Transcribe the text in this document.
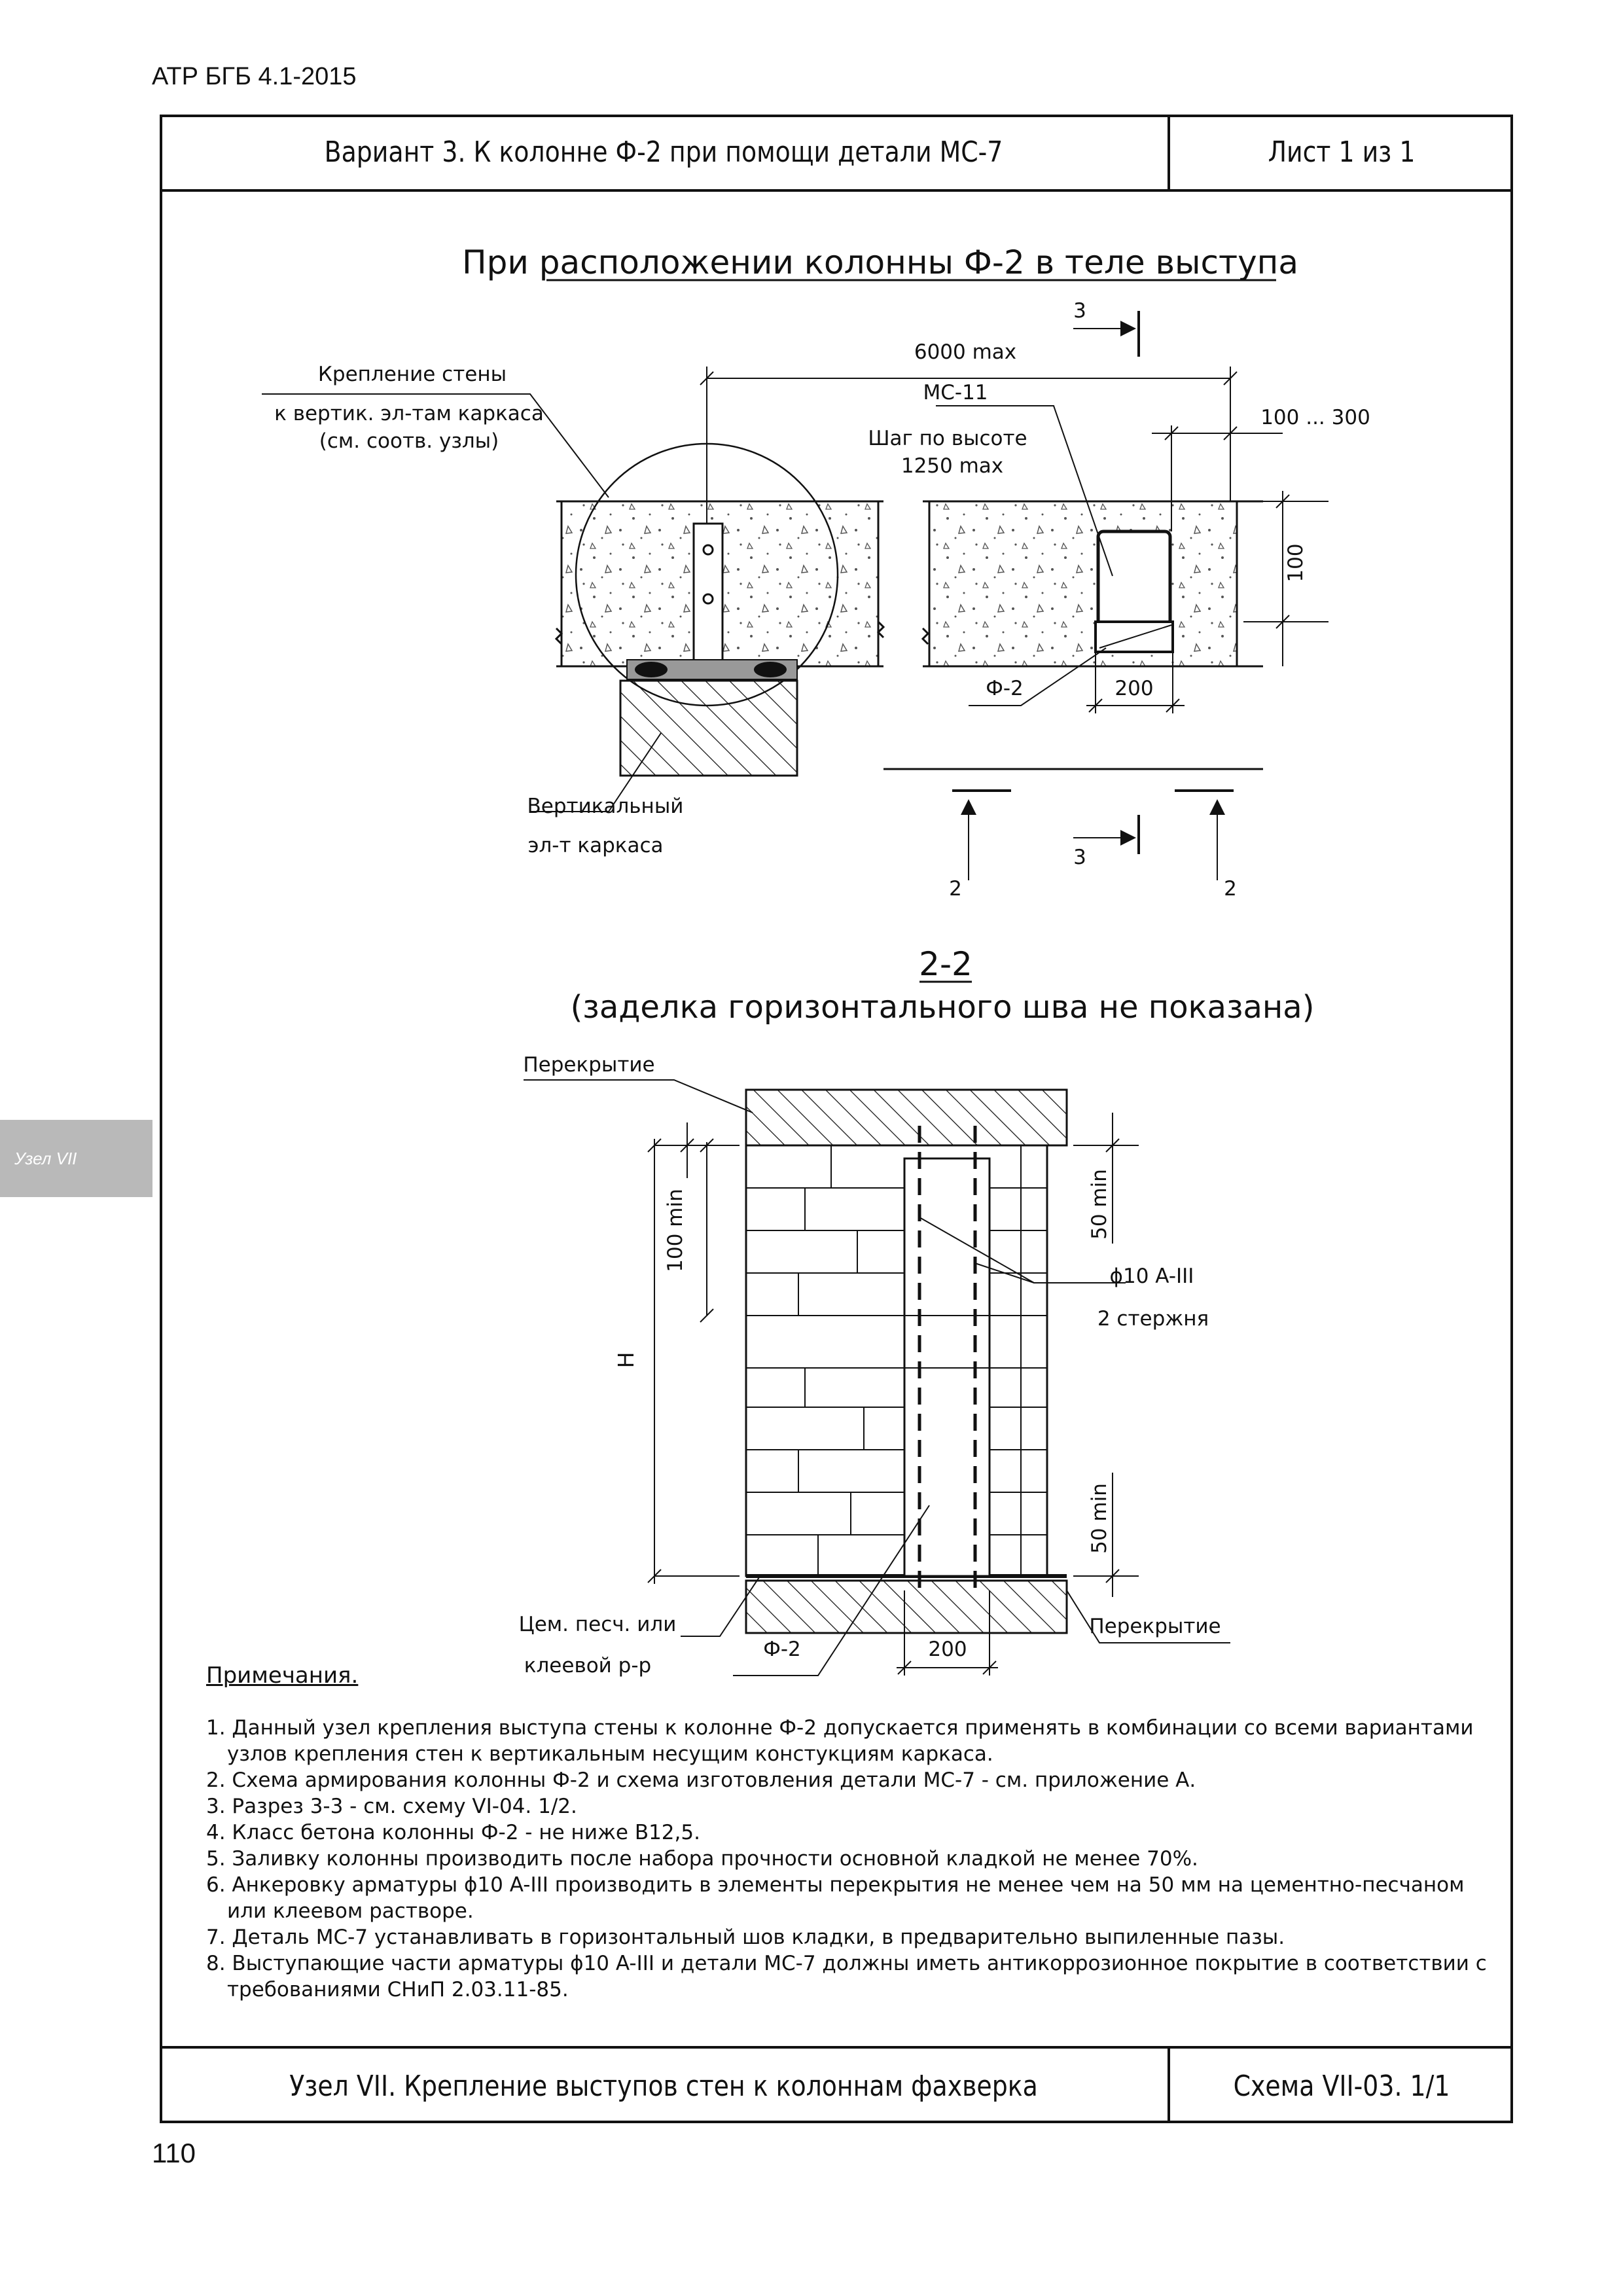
АТР БГБ 4.1-2015
Узел VII
110
Вариант 3. К колонне Ф-2 при помощи детали МС-7	Лист 1 из 1
При расположении колонны Ф-2 в теле выступа
Крепление стены
к вертик. эл-там каркаса
(см. соотв. узлы)
Вертикальный
эл-т каркаса
6000 max
МС-11
Шаг по высоте
1250 max
100 ... 300
100
Ф-2	200
3
3
2	2
2-2
(заделка горизонтального шва не показана)
Перекрытие
100 min
H
50 min
50 min
ϕ10 A-III
2 стержня
Цем. песч. или
клеевой р-р
Ф-2	200
Перекрытие
Примечания.

1. Данный узел крепления выступа стены к колонне Ф-2 допускается применять в комбинации со всеми вариантами узлов крепления стен к вертикальным несущим констукциям каркаса.

2. Схема армирования колонны Ф-2 и схема изготовления детали МС-7 - см. приложение А.

3. Разрез 3-3 - см. схему VI-04. 1/2.

4. Класс бетона колонны Ф-2 - не ниже В12,5.

5. Заливку колонны производить после набора прочности основной кладкой не менее 70%.

6. Анкеровку арматуры ϕ10 A-III производить в элементы перекрытия не менее чем на 50 мм на цементно-песчаном или клеевом растворе.

7. Деталь МС-7 устанавливать в горизонтальный шов кладки, в предварительно выпиленные пазы.

8. Выступающие части арматуры ϕ10 A-III и детали МС-7 должны иметь антикоррозионное покрытие в соответствии с требованиями СНиП 2.03.11-85.

Узел VII. Крепление выступов стен к колоннам фахверка	Схема VII-03. 1/1
